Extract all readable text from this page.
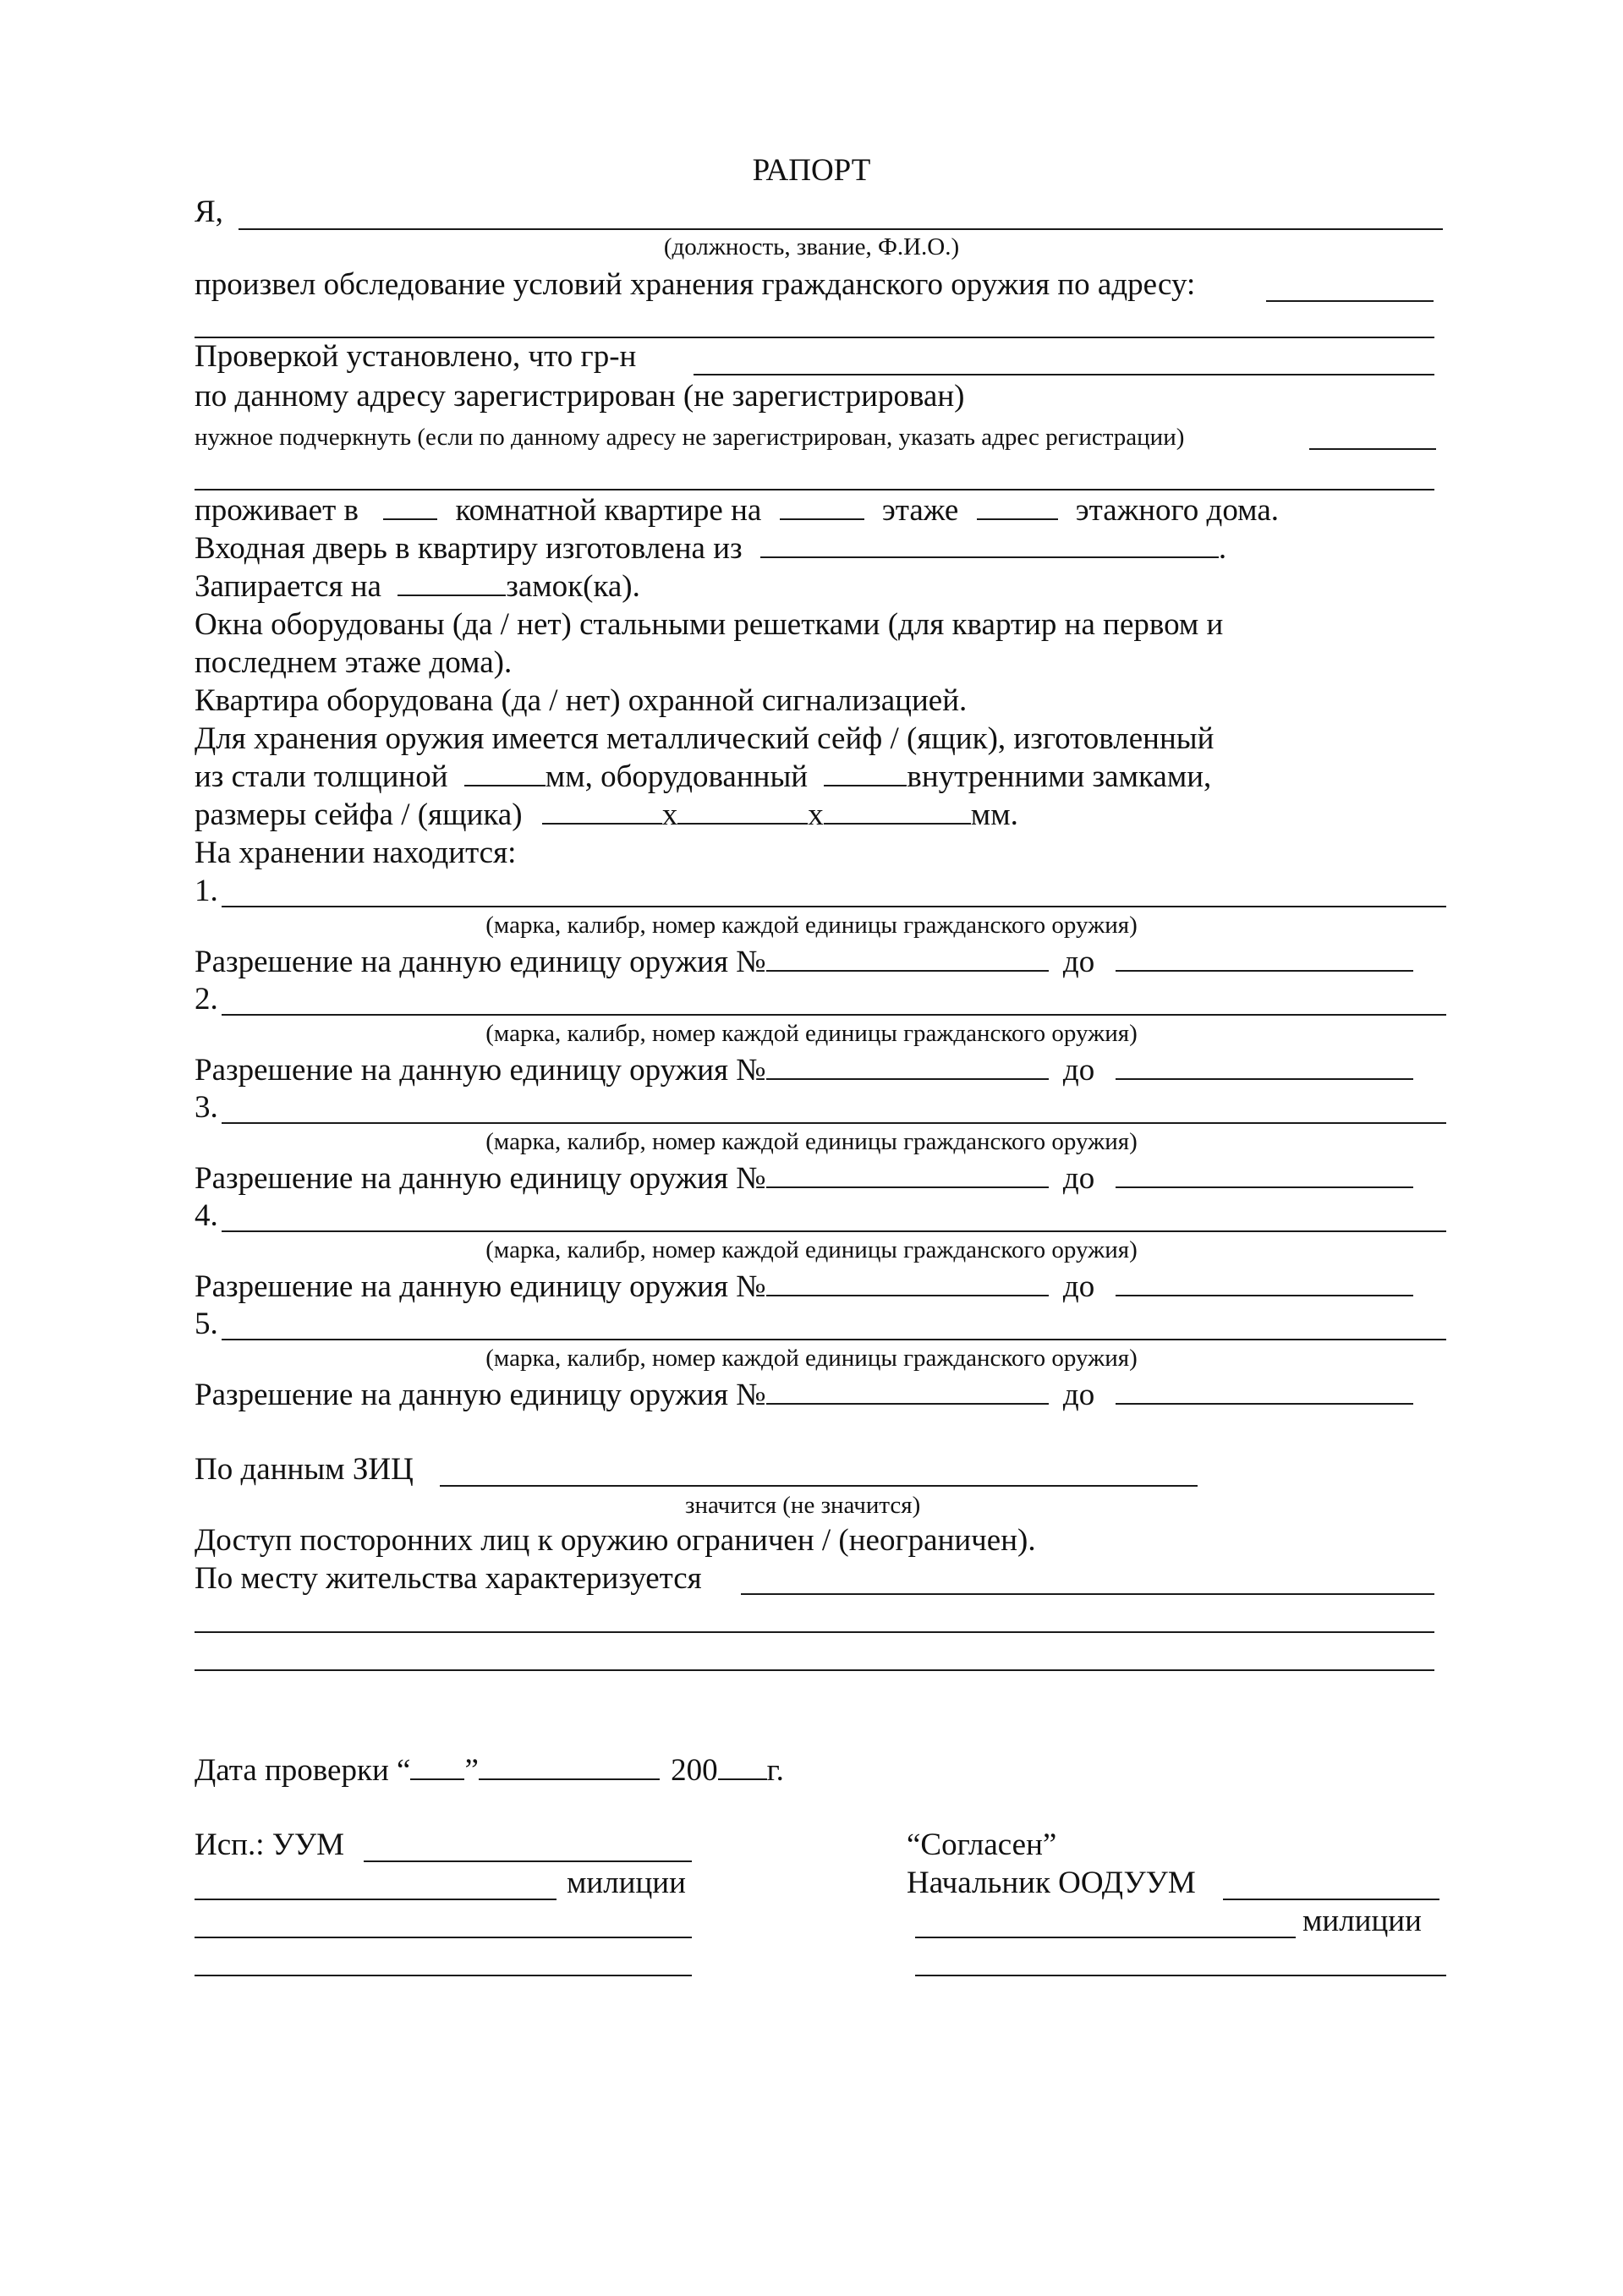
РАПОРТ
Я,
(должность, звание, Ф.И.О.)
произвел обследование условий хранения гражданского оружия по адресу:
Проверкой установлено, что гр-н
по данному адресу зарегистрирован (не зарегистрирован)
нужное подчеркнуть (если по данному адресу не зарегистрирован, указать адрес регистрации)
проживает в	комнатной квартире на	этаже	этажного дома.
Входная дверь в квартиру изготовлена из	.
Запирается на	замок(ка).
Окна оборудованы (да / нет) стальными решетками (для квартир на первом и
последнем этаже дома).
Квартира оборудована (да / нет) охранной сигнализацией.
Для хранения оружия имеется металлический сейф / (ящик), изготовленный
из стали толщиной	мм, оборудованный	внутренними замками,
размеры сейфа / (ящика)	х	х	мм.
На хранении находится:
1.
(марка, калибр, номер каждой единицы гражданского оружия)
Разрешение на данную единицу оружия №	до
2.
(марка, калибр, номер каждой единицы гражданского оружия)
Разрешение на данную единицу оружия №	до
3.
(марка, калибр, номер каждой единицы гражданского оружия)
Разрешение на данную единицу оружия №	до
4.
(марка, калибр, номер каждой единицы гражданского оружия)
Разрешение на данную единицу оружия №	до
5.
(марка, калибр, номер каждой единицы гражданского оружия)
Разрешение на данную единицу оружия №	до
По данным ЗИЦ
значится (не значится)
Доступ посторонних лиц к оружию ограничен / (неограничен).
По месту жительства характеризуется
Дата проверки “ ”	200 г.
Исп.: УУМ
милиции
“Согласен”
Начальник ООДУУМ
милиции
